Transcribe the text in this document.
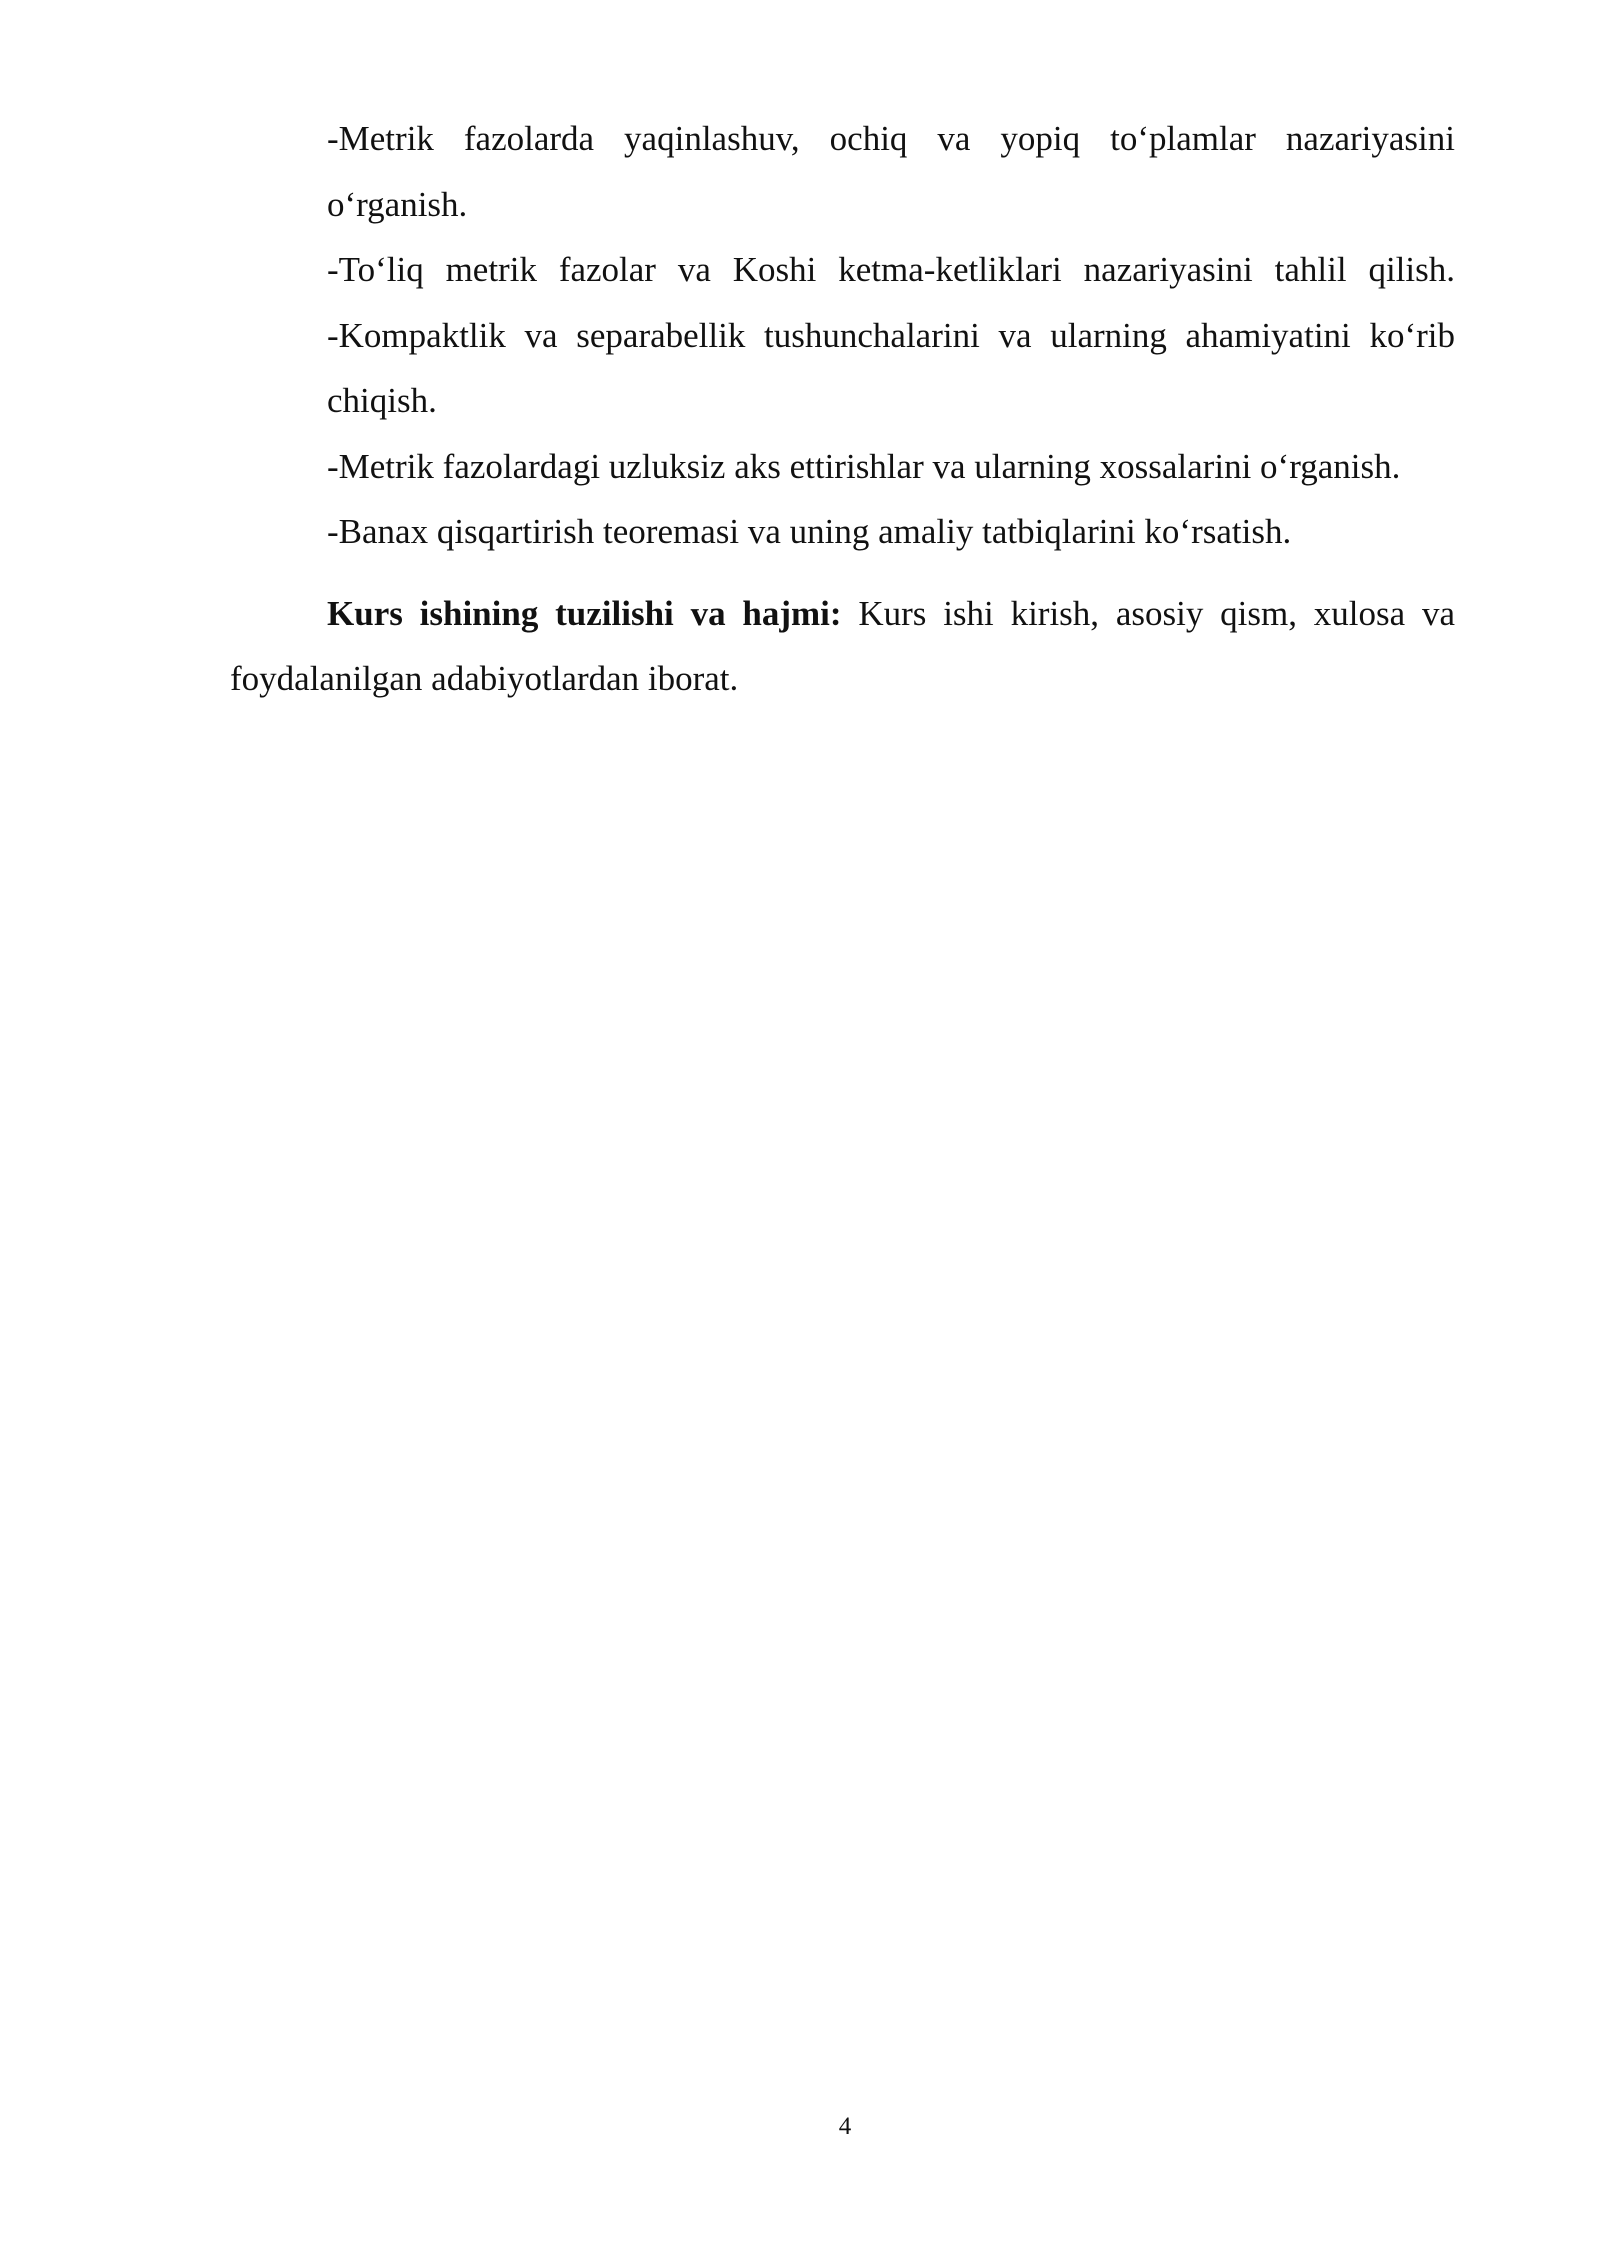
-Metrik fazolarda yaqinlashuv, ochiq va yopiq to‘plamlar nazariyasini o‘rganish.

-To‘liq metrik fazolar va Koshi ketma-ketliklari nazariyasini tahlil qilish.

-Kompaktlik va separabellik tushunchalarini va ularning ahamiyatini ko‘rib chiqish.

-Metrik fazolardagi uzluksiz aks ettirishlar va ularning xossalarini o‘rganish.

-Banax qisqartirish teoremasi va uning amaliy tatbiqlarini ko‘rsatish.

Kurs ishining tuzilishi va hajmi: Kurs ishi kirish, asosiy qism, xulosa va foydalanilgan adabiyotlardan iborat.

4
